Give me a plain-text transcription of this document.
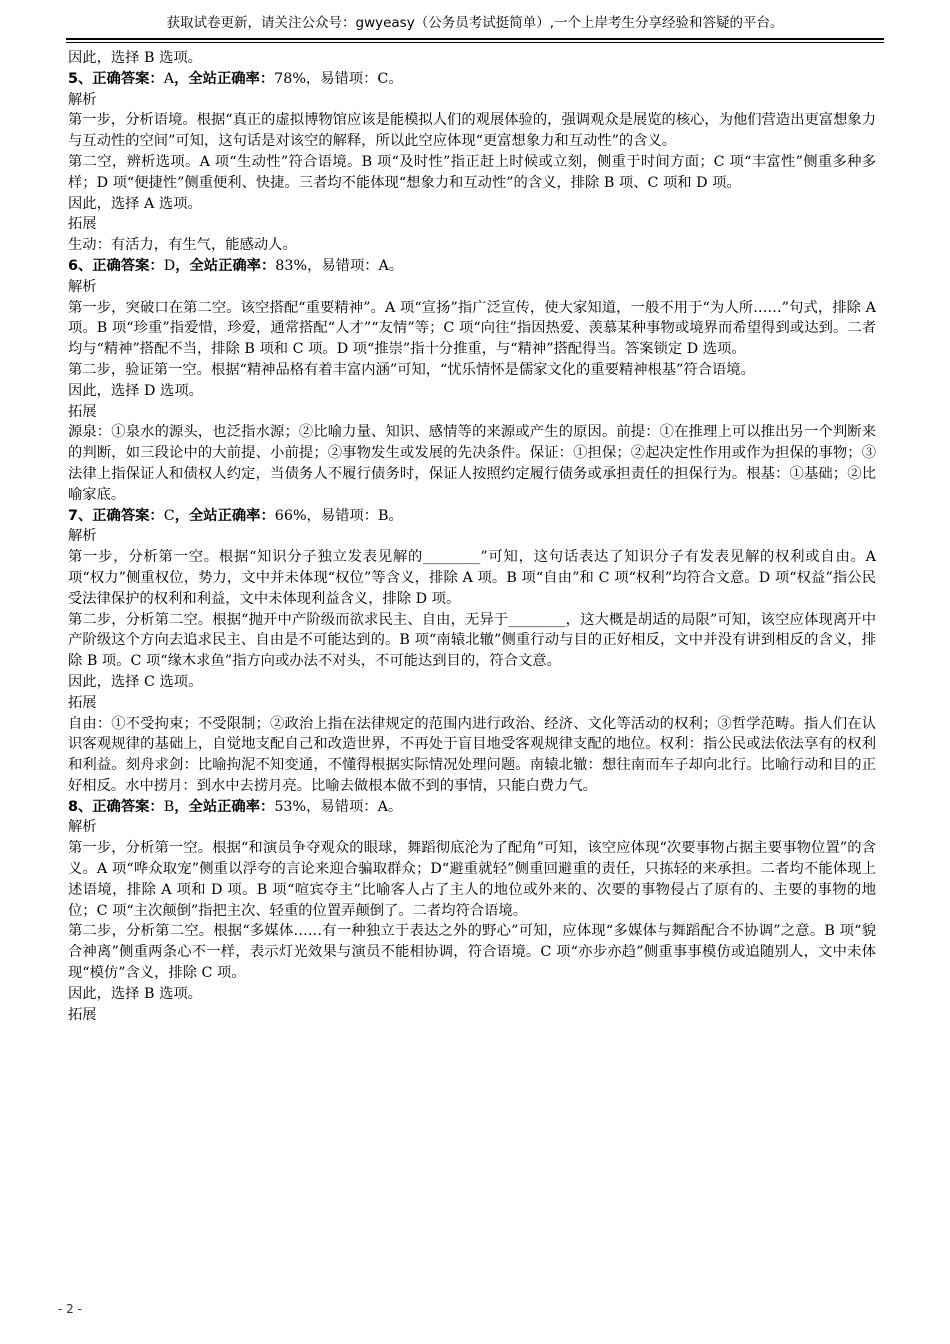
获取试卷更新，请关注公众号：gwyeasy（公务员考试挺简单）,一个上岸考生分享经验和答疑的平台。

因此，选择 B 选项。

5、正确答案：A，全站正确率：78%，易错项：C。

解析

第一步，分析语境。根据“真正的虚拟博物馆应该是能模拟人们的观展体验的，强调观众是展览的核心，为他们营造出更富想象力与互动性的空间”可知，这句话是对该空的解释，所以此空应体现“更富想象力和互动性”的含义。

第二空，辨析选项。A 项“生动性”符合语境。B 项“及时性”指正赶上时候或立刻，侧重于时间方面；C 项“丰富性”侧重多种多样；D 项“便捷性”侧重便利、快捷。三者均不能体现“想象力和互动性”的含义，排除 B 项、C 项和 D 项。

因此，选择 A 选项。

拓展

生动：有活力，有生气，能感动人。

6、正确答案：D，全站正确率：83%，易错项：A。

解析

第一步，突破口在第二空。该空搭配“重要精神”。A 项“宣扬”指广泛宣传，使大家知道，一般不用于“为人所……”句式，排除 A 项。B 项“珍重”指爱惜，珍爱，通常搭配“人才”“友情”等；C 项“向往”指因热爱、羡慕某种事物或境界而希望得到或达到。二者均与“精神”搭配不当，排除 B 项和 C 项。D 项“推崇”指十分推重，与“精神”搭配得当。答案锁定 D 选项。

第二步，验证第一空。根据“精神品格有着丰富内涵”可知，“忧乐情怀是儒家文化的重要精神根基”符合语境。

因此，选择 D 选项。

拓展

源泉：①泉水的源头，也泛指水源；②比喻力量、知识、感情等的来源或产生的原因。前提：①在推理上可以推出另一个判断来的判断，如三段论中的大前提、小前提；②事物发生或发展的先决条件。保证：①担保；②起决定性作用或作为担保的事物；③法律上指保证人和债权人约定，当债务人不履行债务时，保证人按照约定履行债务或承担责任的担保行为。根基：①基础；②比喻家底。

7、正确答案：C，全站正确率：66%，易错项：B。

解析

第一步，分析第一空。根据“知识分子独立发表见解的________”可知，这句话表达了知识分子有发表见解的权利或自由。A 项“权力”侧重权位，势力，文中并未体现“权位”等含义，排除 A 项。B 项“自由”和 C 项“权利”均符合文意。D 项“权益”指公民受法律保护的权利和利益，文中未体现利益含义，排除 D 项。

第二步，分析第二空。根据“抛开中产阶级而欲求民主、自由，无异于________，这大概是胡适的局限”可知，该空应体现离开中产阶级这个方向去追求民主、自由是不可能达到的。B 项“南辕北辙”侧重行动与目的正好相反，文中并没有讲到相反的含义，排除 B 项。C 项“缘木求鱼”指方向或办法不对头，不可能达到目的，符合文意。

因此，选择 C 选项。

拓展

自由：①不受拘束；不受限制；②政治上指在法律规定的范围内进行政治、经济、文化等活动的权利；③哲学范畴。指人们在认识客观规律的基础上，自觉地支配自己和改造世界，不再处于盲目地受客观规律支配的地位。权利：指公民或法依法享有的权利和利益。刻舟求剑：比喻拘泥不知变通，不懂得根据实际情况处理问题。南辕北辙：想往南而车子却向北行。比喻行动和目的正好相反。水中捞月：到水中去捞月亮。比喻去做根本做不到的事情，只能白费力气。

8、正确答案：B，全站正确率：53%，易错项：A。

解析

第一步，分析第一空。根据“和演员争夺观众的眼球，舞蹈彻底沦为了配角”可知，该空应体现“次要事物占据主要事物位置”的含义。A 项“哗众取宠”侧重以浮夸的言论来迎合骗取群众；D“避重就轻”侧重回避重的责任，只拣轻的来承担。二者均不能体现上述语境，排除 A 项和 D 项。B 项“喧宾夺主”比喻客人占了主人的地位或外来的、次要的事物侵占了原有的、主要的事物的地位；C 项“主次颠倒”指把主次、轻重的位置弄颠倒了。二者均符合语境。

第二步，分析第二空。根据“多媒体……有一种独立于表达之外的野心”可知，应体现“多媒体与舞蹈配合不协调”之意。B 项“貌合神离”侧重两条心不一样，表示灯光效果与演员不能相协调，符合语境。C 项“亦步亦趋”侧重事事模仿或追随别人，文中未体现“模仿”含义，排除 C 项。

因此，选择 B 选项。

拓展

- 2 -
